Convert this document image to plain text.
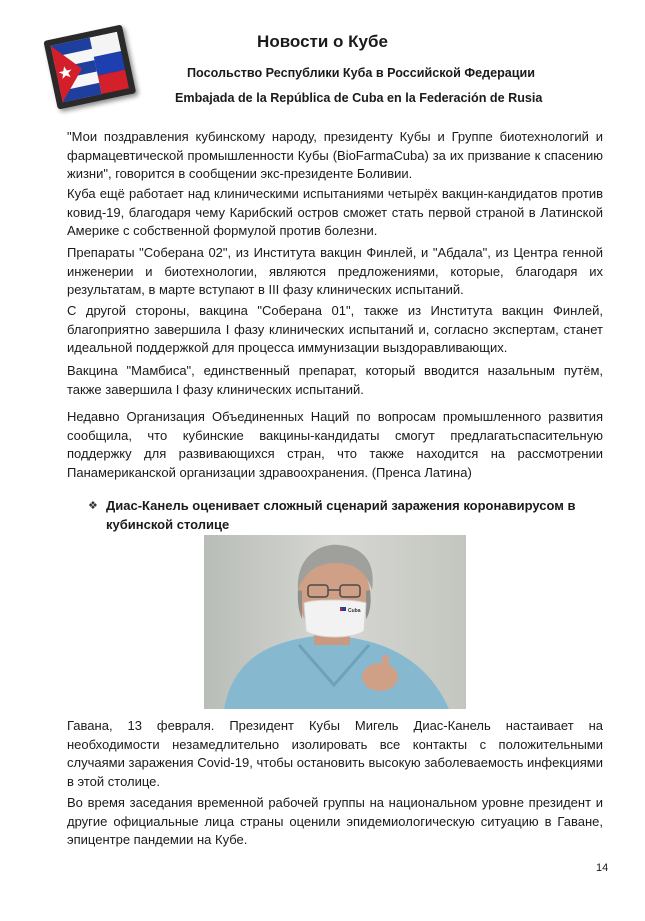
Новости о Кубе
Посольство Республики Куба в Российской Федерации
Embajada de la República de Cuba en la Federación de Rusia

"Мои поздравления кубинскому народу, президенту Кубы и Группе биотехнологий и фармацевтической промышленности Кубы (BioFarmaCuba) за их призвание к спасению жизни", говорится в сообщении экс-президенте Боливии.

Куба ещё работает над клиническими испытаниями четырёх вакцин-кандидатов против ковид-19, благодаря чему Карибский остров сможет стать первой страной в Латинской Америке с собственной формулой против болезни.

Препараты "Соберана 02", из Института вакцин Финлей, и "Абдала", из Центра генной инженерии и биотехнологии, являются предложениями, которые, благодаря их результатам, в марте вступают в III фазу клинических испытаний.

С другой стороны, вакцина "Соберана 01", также из Института вакцин Финлей, благоприятно завершила I фазу клинических испытаний и, согласно экспертам, станет идеальной поддержкой для процесса иммунизации выздоравливающих.

Вакцина "Мамбиса", единственный препарат, который вводится назальным путём, также завершила I фазу клинических испытаний.

Недавно Организация Объединенных Наций по вопросам промышленного развития сообщила, что кубинские вакцины-кандидаты смогут предлагатьспасительную поддержку для развивающихся стран, что также находится на рассмотрении Панамериканской организации здравоохранения. (Пренса Латина)

❖ Диас-Канель оценивает сложный сценарий заражения коронавирусом в кубинской столице

Cuba

Гавана, 13 февраля. Президент Кубы Мигель Диас-Канель настаивает на необходимости незамедлительно изолировать все контакты с положительными случаями заражения Covid-19, чтобы остановить высокую заболеваемость инфекциями в этой столице.

Во время заседания временной рабочей группы на национальном уровне президент и другие официальные лица страны оценили эпидемиологическую ситуацию в Гаване, эпицентре пандемии на Кубе.

14
